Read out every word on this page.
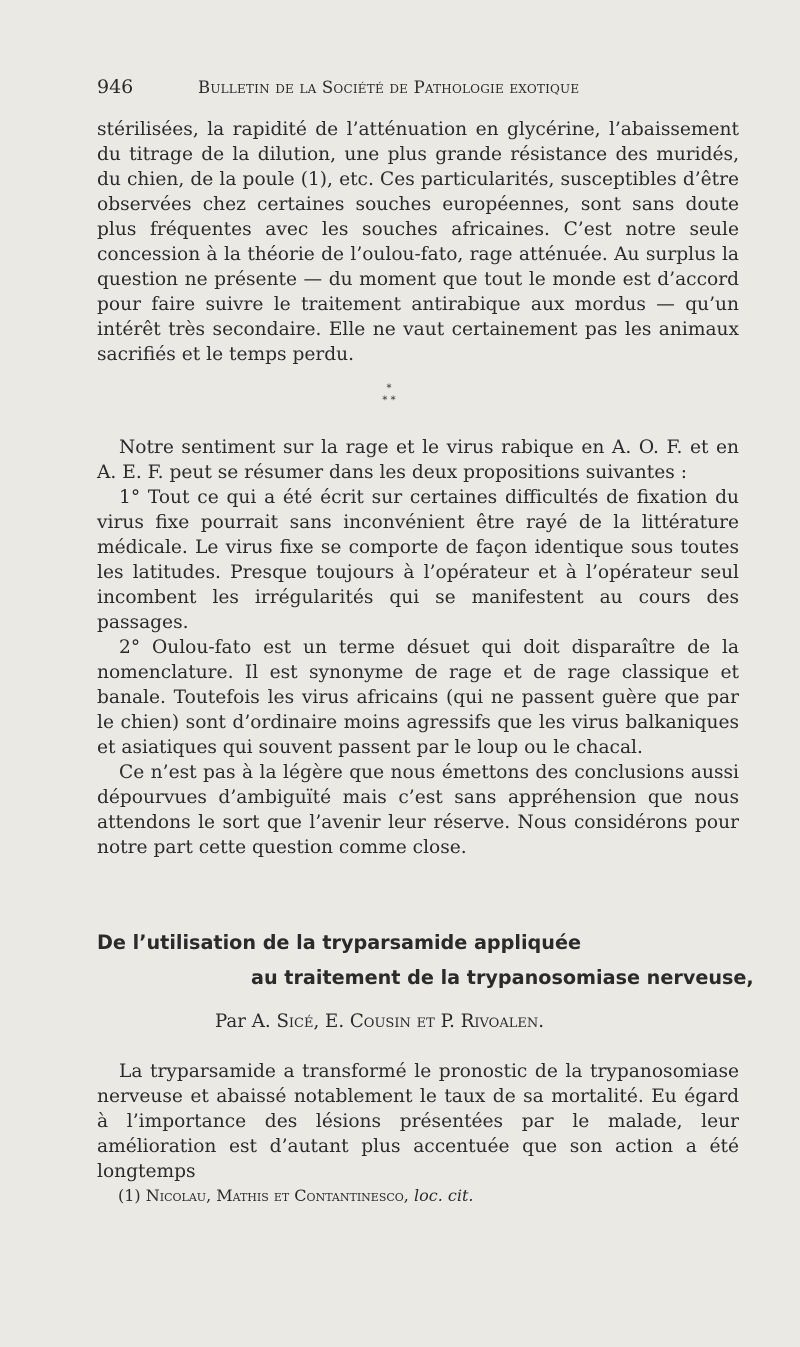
946	Bulletin de la Société de Pathologie exotique

stérilisées, la rapidité de l’atténuation en glycérine, l’abaissement du titrage de la dilution, une plus grande résistance des muridés, du chien, de la poule (1), etc. Ces particularités, susceptibles d’être observées chez certaines souches européennes, sont sans doute plus fréquentes avec les souches africaines. C’est notre seule concession à la théorie de l’oulou-fato, rage atténuée. Au surplus la question ne présente — du moment que tout le monde est d’accord pour faire suivre le traitement antirabique aux mordus — qu’un intérêt très secondaire. Elle ne vaut certainement pas les animaux sacrifiés et le temps perdu.

*
* *

Notre sentiment sur la rage et le virus rabique en A. O. F. et en A. E. F. peut se résumer dans les deux propositions suivantes :

1° Tout ce qui a été écrit sur certaines difficultés de fixation du virus fixe pourrait sans inconvénient être rayé de la littérature médicale. Le virus fixe se comporte de façon identique sous toutes les latitudes. Presque toujours à l’opérateur et à l’opérateur seul incombent les irrégularités qui se manifestent au cours des passages.

2° Oulou-fato est un terme désuet qui doit disparaître de la nomenclature. Il est synonyme de rage et de rage classique et banale. Toutefois les virus africains (qui ne passent guère que par le chien) sont d’ordinaire moins agressifs que les virus balkaniques et asiatiques qui souvent passent par le loup ou le chacal.

Ce n’est pas à la légère que nous émettons des conclusions aussi dépourvues d’ambiguïté mais c’est sans appréhension que nous attendons le sort que l’avenir leur réserve. Nous considérons pour notre part cette question comme close.

De l’utilisation de la tryparsamide appliquée
au traitement de la trypanosomiase nerveuse,
Par A. Sicé, E. Cousin et P. Rivoalen.

La tryparsamide a transformé le pronostic de la trypanosomiase nerveuse et abaissé notablement le taux de sa mortalité. Eu égard à l’importance des lésions présentées par le malade, leur amélioration est d’autant plus accentuée que son action a été longtemps

(1) Nicolau, Mathis et Contantinesco, loc. cit.
